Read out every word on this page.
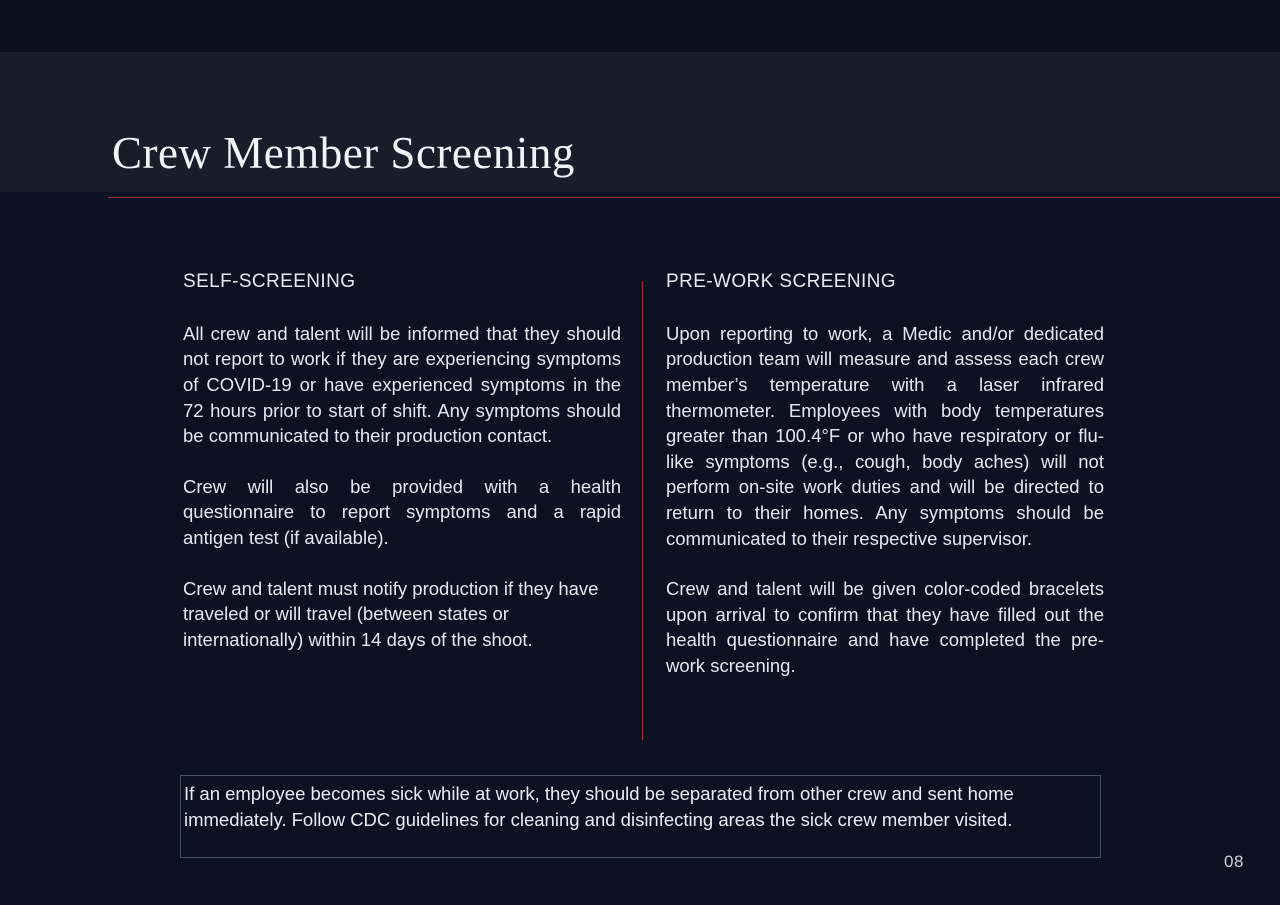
Crew Member Screening
SELF-SCREENING

All crew and talent will be informed that they should not report to work if they are experiencing symptoms of COVID-19 or have experienced symptoms in the 72 hours prior to start of shift. Any symptoms should be communicated to their production contact.

Crew will also be provided with a health questionnaire to report symptoms and a rapid antigen test (if available).

Crew and talent must notify production if they have traveled or will travel (between states or internationally) within 14 days of the shoot.

PRE-WORK SCREENING

Upon reporting to work, a Medic and/or dedicated production team will measure and assess each crew member’s temperature with a laser infrared thermometer. Employees with body temperatures greater than 100.4°F or who have respiratory or flu-like symptoms (e.g., cough, body aches) will not perform on-site work duties and will be directed to return to their homes. Any symptoms should be communicated to their respective supervisor.

Crew and talent will be given color-coded bracelets upon arrival to confirm that they have filled out the health questionnaire and have completed the pre-work screening.

If an employee becomes sick while at work, they should be separated from other crew and sent home immediately. Follow CDC guidelines for cleaning and disinfecting areas the sick crew member visited.

08
